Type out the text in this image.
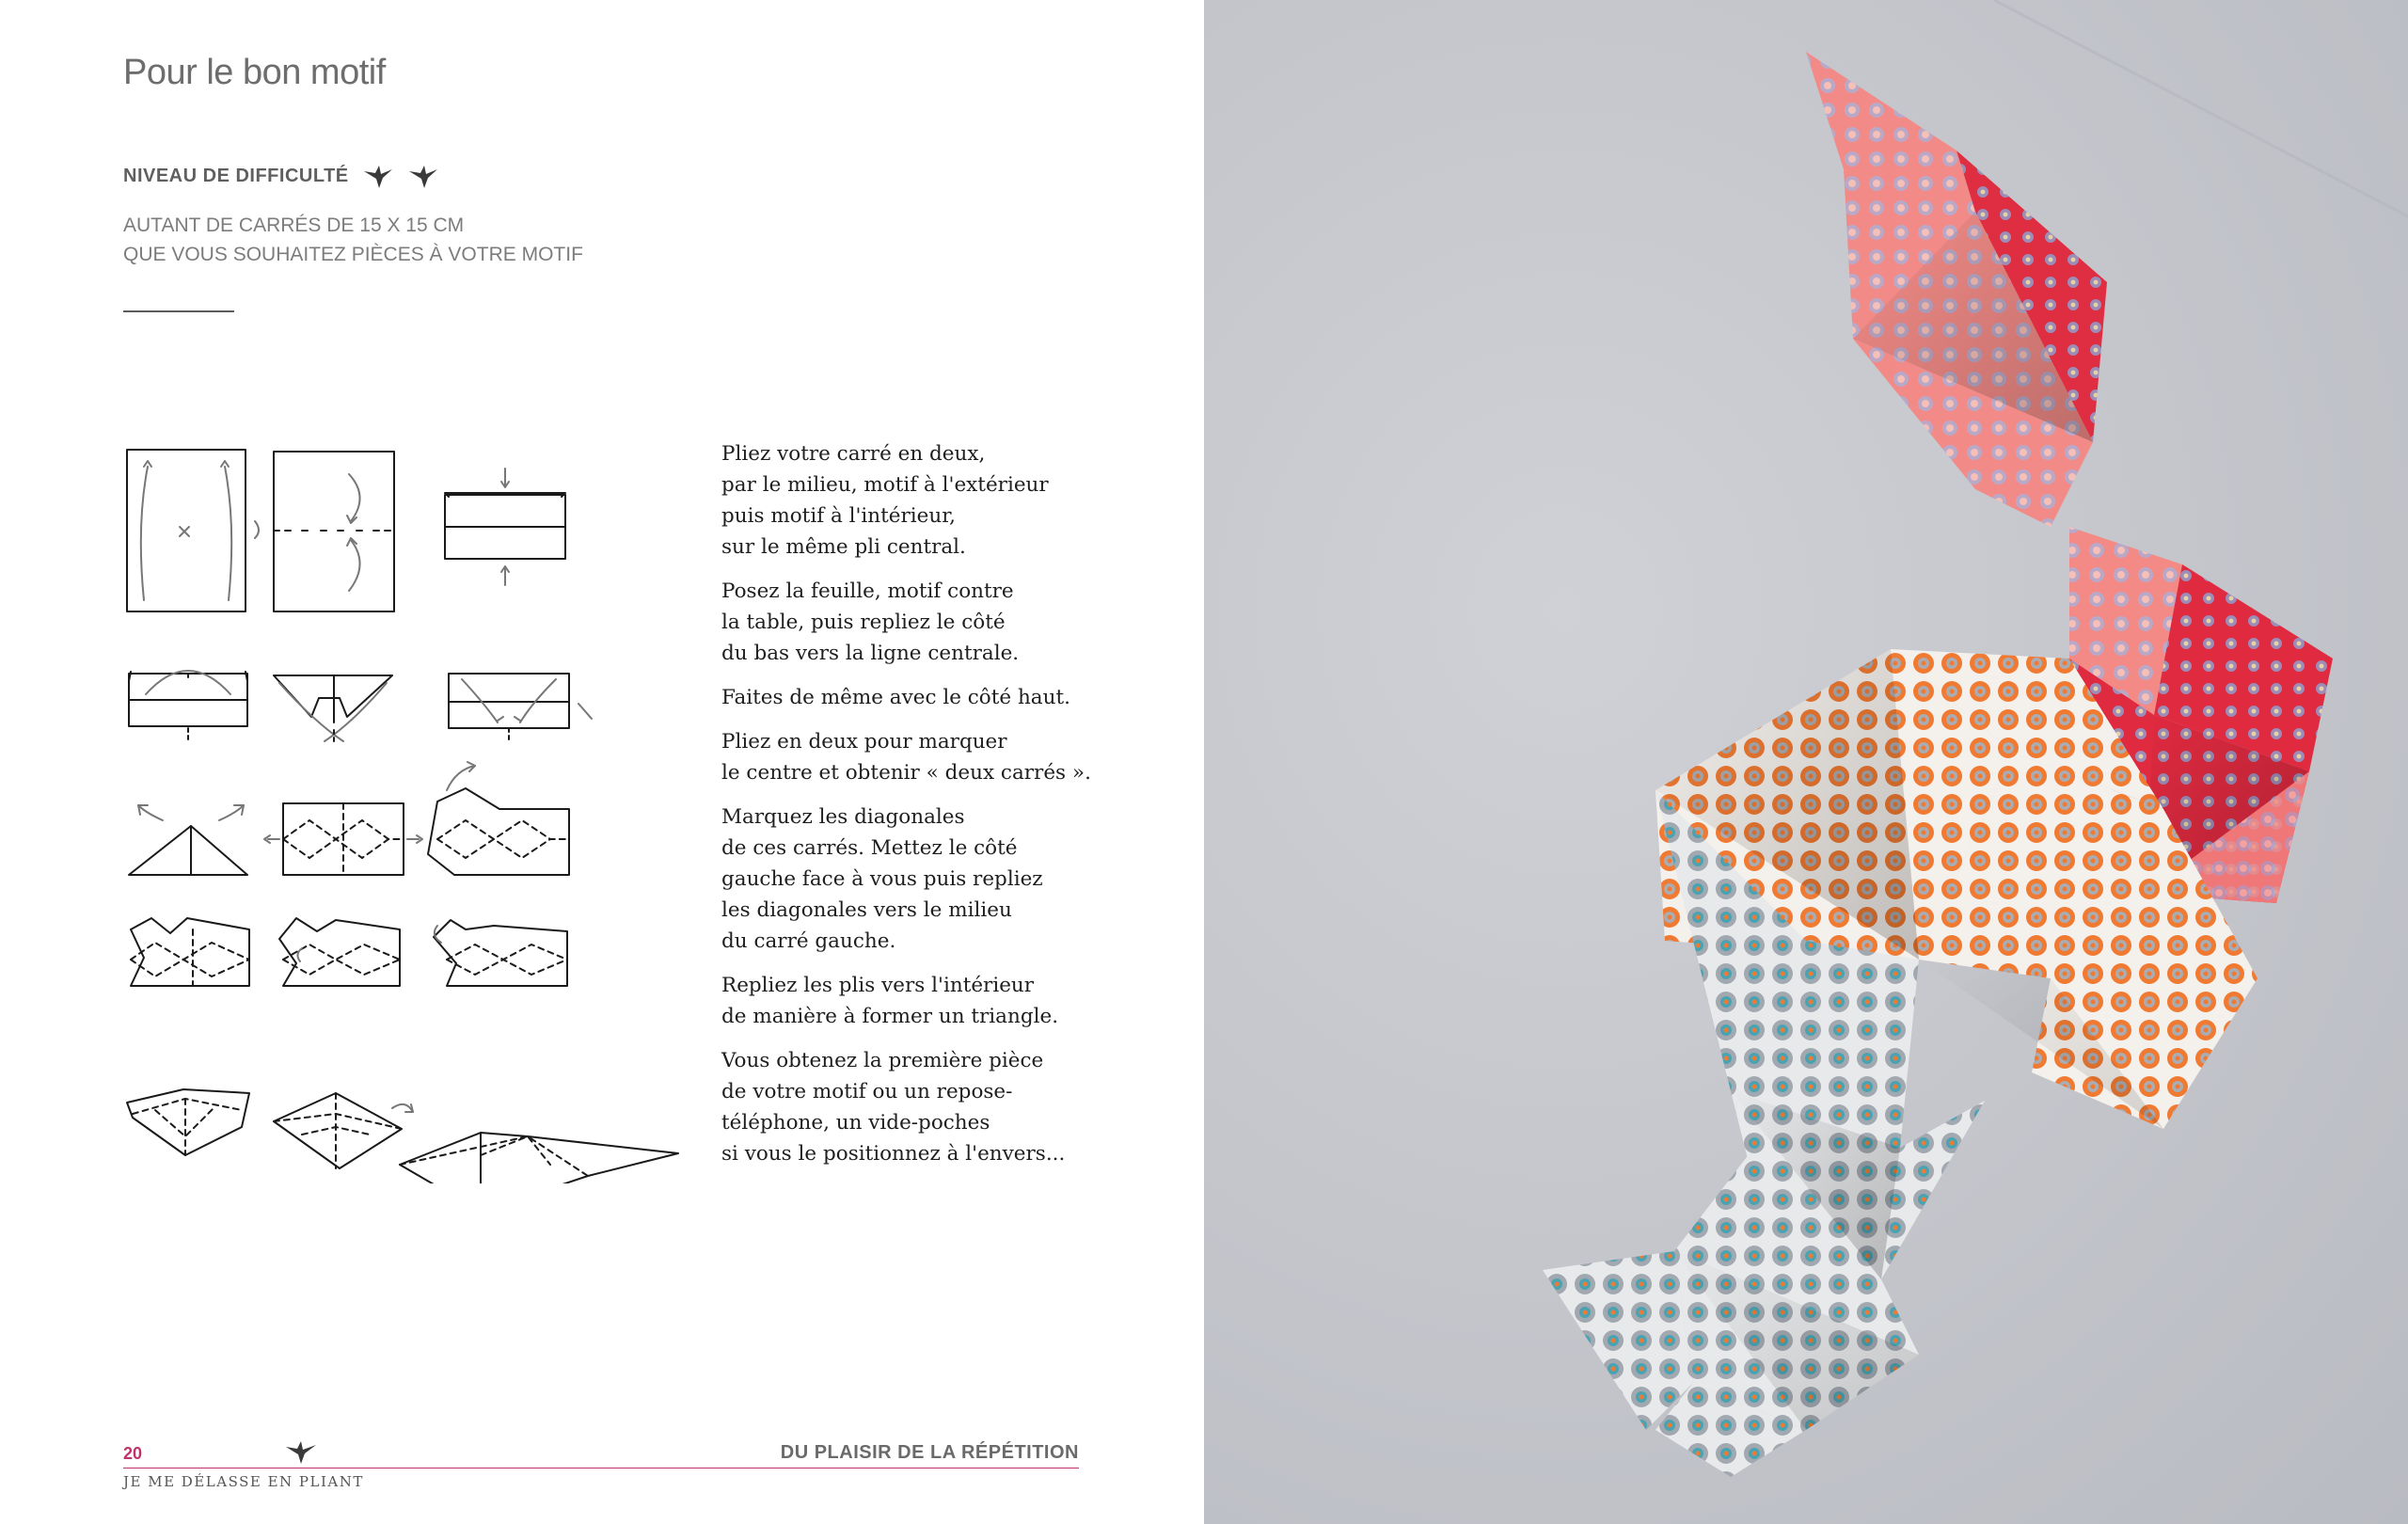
Pour le bon motif
NIVEAU DE DIFFICULTÉ
AUTANT DE CARRÉS DE 15 X 15 CM
QUE VOUS SOUHAITEZ PIÈCES À VOTRE MOTIF

Pliez votre carré en deux,
par le milieu, motif à l'extérieur
puis motif à l'intérieur,
sur le même pli central.

Posez la feuille, motif contre
la table, puis repliez le côté
du bas vers la ligne centrale.

Faites de même avec le côté haut.

Pliez en deux pour marquer
le centre et obtenir « deux carrés ».

Marquez les diagonales
de ces carrés. Mettez le côté
gauche face à vous puis repliez
les diagonales vers le milieu
du carré gauche.

Repliez les plis vers l'intérieur
de manière à former un triangle.

Vous obtenez la première pièce
de votre motif ou un repose-
téléphone, un vide-poches
si vous le positionnez à l'envers...

20
JE ME DÉLASSE EN PLIANT
DU PLAISIR DE LA RÉPÉTITION
